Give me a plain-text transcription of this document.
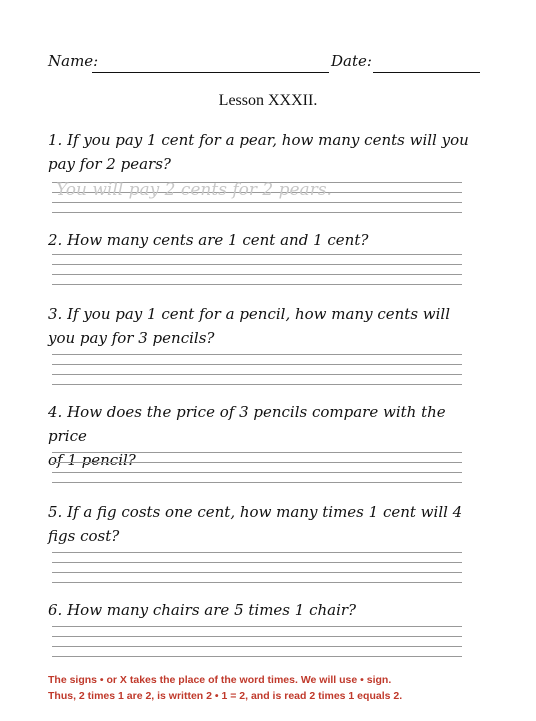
Name:	Date:
Lesson XXXII.
1. If you pay 1 cent for a pear, how many cents will you
pay for 2 pears?
You will pay 2 cents for 2 pears.
2. How many cents are 1 cent and 1 cent?
3. If you pay 1 cent for a pencil, how many cents will
you pay for 3 pencils?
4. How does the price of 3 pencils compare with the price
of 1 pencil?
5. If a fig costs one cent, how many times 1 cent will 4
figs cost?
6. How many chairs are 5 times 1 chair?
The signs • or X takes the place of the word times. We will use • sign.
Thus, 2 times 1 are 2, is written 2 • 1 = 2, and is read 2 times 1 equals 2.
